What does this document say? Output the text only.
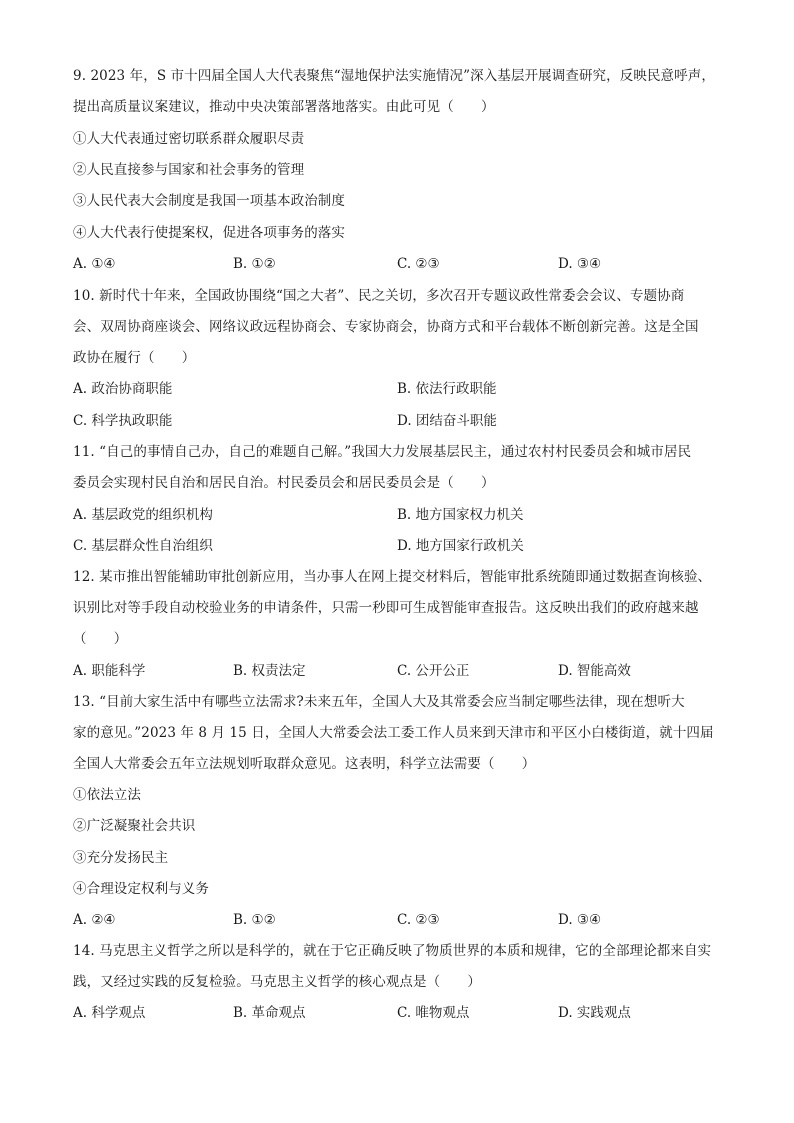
9. 2023 年，S 市十四届全国人大代表聚焦“湿地保护法实施情况”深入基层开展调查研究，反映民意呼声，
提出高质量议案建议，推动中央决策部署落地落实。由此可见（　　）
①人大代表通过密切联系群众履职尽责
②人民直接参与国家和社会事务的管理
③人民代表大会制度是我国一项基本政治制度
④人大代表行使提案权，促进各项事务的落实
A. ①④	B. ①②	C. ②③	D. ③④
10. 新时代十年来，全国政协围绕“国之大者”、民之关切，多次召开专题议政性常委会会议、专题协商
会、双周协商座谈会、网络议政远程协商会、专家协商会，协商方式和平台载体不断创新完善。这是全国
政协在履行（　　）
A. 政治协商职能	B. 依法行政职能
C. 科学执政职能	D. 团结奋斗职能
11. “自己的事情自己办，自己的难题自己解。”我国大力发展基层民主，通过农村村民委员会和城市居民
委员会实现村民自治和居民自治。村民委员会和居民委员会是（　　）
A. 基层政党的组织机构	B. 地方国家权力机关
C. 基层群众性自治组织	D. 地方国家行政机关
12. 某市推出智能辅助审批创新应用，当办事人在网上提交材料后，智能审批系统随即通过数据查询核验、
识别比对等手段自动校验业务的申请条件，只需一秒即可生成智能审查报告。这反映出我们的政府越来越
（　　）
A. 职能科学	B. 权责法定	C. 公开公正	D. 智能高效
13. “目前大家生活中有哪些立法需求?未来五年，全国人大及其常委会应当制定哪些法律，现在想听大
家的意见。”2023 年 8 月 15 日，全国人大常委会法工委工作人员来到天津市和平区小白楼街道，就十四届
全国人大常委会五年立法规划听取群众意见。这表明，科学立法需要（　　）
①依法立法
②广泛凝聚社会共识
③充分发扬民主
④合理设定权利与义务
A. ②④	B. ①②	C. ②③	D. ③④
14. 马克思主义哲学之所以是科学的，就在于它正确反映了物质世界的本质和规律，它的全部理论都来自实
践，又经过实践的反复检验。马克思主义哲学的核心观点是（　　）
A. 科学观点	B. 革命观点	C. 唯物观点	D. 实践观点
